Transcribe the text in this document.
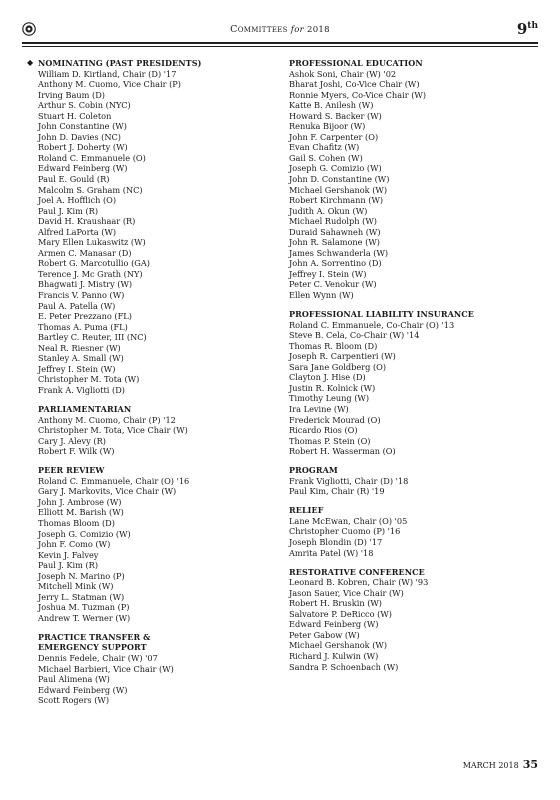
Committees for 2018	9th
◆ NOMINATING (PAST PRESIDENTS)
William D. Kirtland, Chair (D) '17
Anthony M. Cuomo, Vice Chair (P)
Irving Baum (D)
Arthur S. Cobin (NYC)
Stuart H. Coleton
John Constantine (W)
John D. Davies (NC)
Robert J. Doherty (W)
Roland C. Emmanuele (O)
Edward Feinberg (W)
Paul E. Gould (R)
Malcolm S. Graham (NC)
Joel A. Hofflich (O)
Paul J. Kim (R)
David H. Kraushaar (R)
Alfred LaPorta (W)
Mary Ellen Lukaswitz (W)
Armen C. Manasar (D)
Robert G. Marcotullio (GA)
Terence J. Mc Grath (NY)
Bhagwati J. Mistry (W)
Francis V. Panno (W)
Paul A. Patella (W)
E. Peter Prezzano (FL)
Thomas A. Puma (FL)
Bartley C. Reuter, III (NC)
Neal R. Riesner (W)
Stanley A. Small (W)
Jeffrey I. Stein (W)
Christopher M. Tota (W)
Frank A. Vigliotti (D)
PARLIAMENTARIAN
Anthony M. Cuomo, Chair (P) '12
Christopher M. Tota, Vice Chair (W)
Cary J. Alevy (R)
Robert F. Wilk (W)
PEER REVIEW
Roland C. Emmanuele, Chair (O) '16
Gary J. Markovits, Vice Chair (W)
John J. Ambrose (W)
Elliott M. Barish (W)
Thomas Bloom (D)
Joseph G. Comizio (W)
John F. Como (W)
Kevin J. Falvey
Paul J. Kim (R)
Joseph N. Marino (P)
Mitchell Mink (W)
Jerry L. Statman (W)
Joshua M. Tuzman (P)
Andrew T. Werner (W)
PRACTICE TRANSFER & EMERGENCY SUPPORT
Dennis Fedele, Chair (W) '07
Michael Barbieri, Vice Chair (W)
Paul Alimena (W)
Edward Feinberg (W)
Scott Rogers (W)
PROFESSIONAL EDUCATION
Ashok Soni, Chair (W) '02
Bharat Joshi, Co-Vice Chair (W)
Ronnie Myers, Co-Vice Chair (W)
Katte B. Anilesh (W)
Howard S. Backer (W)
Renuka Bijoor (W)
John F. Carpenter (O)
Evan Chafitz (W)
Gail S. Cohen (W)
Joseph G. Comizio (W)
John D. Constantine (W)
Michael Gershanok (W)
Robert Kirchmann (W)
Judith A. Okun (W)
Michael Rudolph (W)
Duraid Sahawneh (W)
John R. Salamone (W)
James Schwanderla (W)
John A. Sorrentino (D)
Jeffrey I. Stein (W)
Peter C. Venokur (W)
Ellen Wynn (W)
PROFESSIONAL LIABILITY INSURANCE
Roland C. Emmanuele, Co-Chair (O) '13
Steve B. Cela, Co-Chair (W) '14
Thomas R. Bloom (D)
Joseph R. Carpentieri (W)
Sara Jane Goldberg (O)
Clayton J. Hise (D)
Justin R. Kolnick (W)
Timothy Leung (W)
Ira Levine (W)
Frederick Mourad (O)
Ricardo Rios (O)
Thomas P. Stein (O)
Robert H. Wasserman (O)
PROGRAM
Frank Vigliotti, Chair (D) '18
Paul Kim, Chair (R) '19
RELIEF
Lane McEwan, Chair (O) '05
Christopher Cuomo (P) '16
Joseph Blondin (D) '17
Amrita Patel (W) '18
RESTORATIVE CONFERENCE
Leonard B. Kobren, Chair (W) '93
Jason Sauer, Vice Chair (W)
Robert H. Bruskin (W)
Salvatore P. DeRicco (W)
Edward Feinberg (W)
Peter Gabow (W)
Michael Gershanok (W)
Richard J. Kulwin (W)
Sandra P. Schoenbach (W)
MARCH 2018 35
